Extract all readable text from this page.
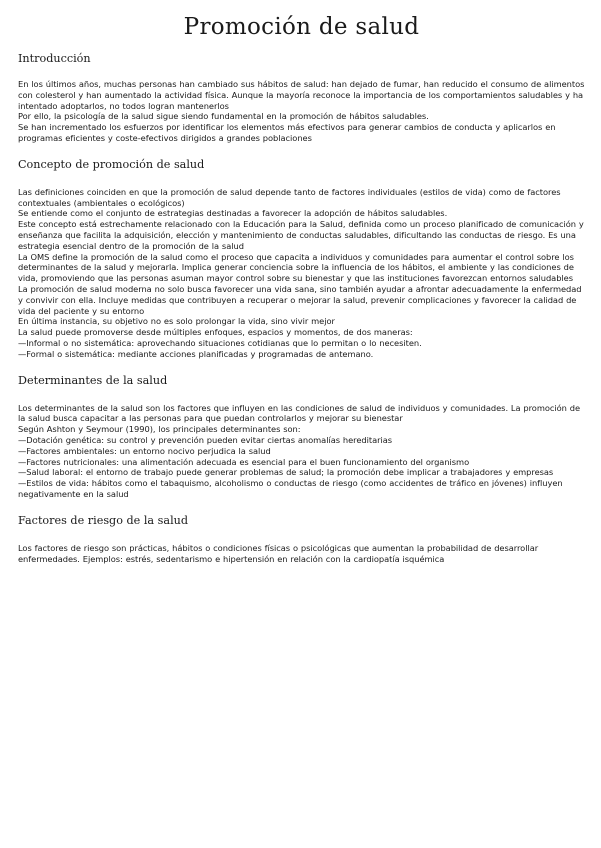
Promoción de salud
Introducción

En los últimos años, muchas personas han cambiado sus hábitos de salud: han dejado de fumar, han reducido el consumo de alimentos con colesterol y han aumentado la actividad física. Aunque la mayoría reconoce la importancia de los comportamientos saludables y ha intentado adoptarlos, no todos logran mantenerlos

Por ello, la psicología de la salud sigue siendo fundamental en la promoción de hábitos saludables.

Se han incrementado los esfuerzos por identificar los elementos más efectivos para generar cambios de conducta y aplicarlos en programas eficientes y coste-efectivos dirigidos a grandes poblaciones

Concepto de promoción de salud

Las definiciones coinciden en que la promoción de salud depende tanto de factores individuales (estilos de vida) como de factores contextuales (ambientales o ecológicos)

Se entiende como el conjunto de estrategias destinadas a favorecer la adopción de hábitos saludables.

Este concepto está estrechamente relacionado con la Educación para la Salud, definida como un proceso planificado de comunicación y enseñanza que facilita la adquisición, elección y mantenimiento de conductas saludables, dificultando las conductas de riesgo. Es una estrategia esencial dentro de la promoción de la salud

La OMS define la promoción de la salud como el proceso que capacita a individuos y comunidades para aumentar el control sobre los determinantes de la salud y mejorarla. Implica generar conciencia sobre la influencia de los hábitos, el ambiente y las condiciones de vida, promoviendo que las personas asuman mayor control sobre su bienestar y que las instituciones favorezcan entornos saludables

La promoción de salud moderna no solo busca favorecer una vida sana, sino también ayudar a afrontar adecuadamente la enfermedad y convivir con ella. Incluye medidas que contribuyen a recuperar o mejorar la salud, prevenir complicaciones y favorecer la calidad de vida del paciente y su entorno

En última instancia, su objetivo no es solo prolongar la vida, sino vivir mejor

La salud puede promoverse desde múltiples enfoques, espacios y momentos, de dos maneras:

—Informal o no sistemática: aprovechando situaciones cotidianas que lo permitan o lo necesiten.

—Formal o sistemática: mediante acciones planificadas y programadas de antemano.

Determinantes de la salud

Los determinantes de la salud son los factores que influyen en las condiciones de salud de individuos y comunidades. La promoción de la salud busca capacitar a las personas para que puedan controlarlos y mejorar su bienestar

Según Ashton y Seymour (1990), los principales determinantes son:

—Dotación genética: su control y prevención pueden evitar ciertas anomalías hereditarias

—Factores ambientales: un entorno nocivo perjudica la salud

—Factores nutricionales: una alimentación adecuada es esencial para el buen funcionamiento del organismo

—Salud laboral: el entorno de trabajo puede generar problemas de salud; la promoción debe implicar a trabajadores y empresas

—Estilos de vida: hábitos como el tabaquismo, alcoholismo o conductas de riesgo (como accidentes de tráfico en jóvenes) influyen negativamente en la salud

Factores de riesgo de la salud

Los factores de riesgo son prácticas, hábitos o condiciones físicas o psicológicas que aumentan la probabilidad de desarrollar enfermedades. Ejemplos: estrés, sedentarismo e hipertensión en relación con la cardiopatía isquémica
